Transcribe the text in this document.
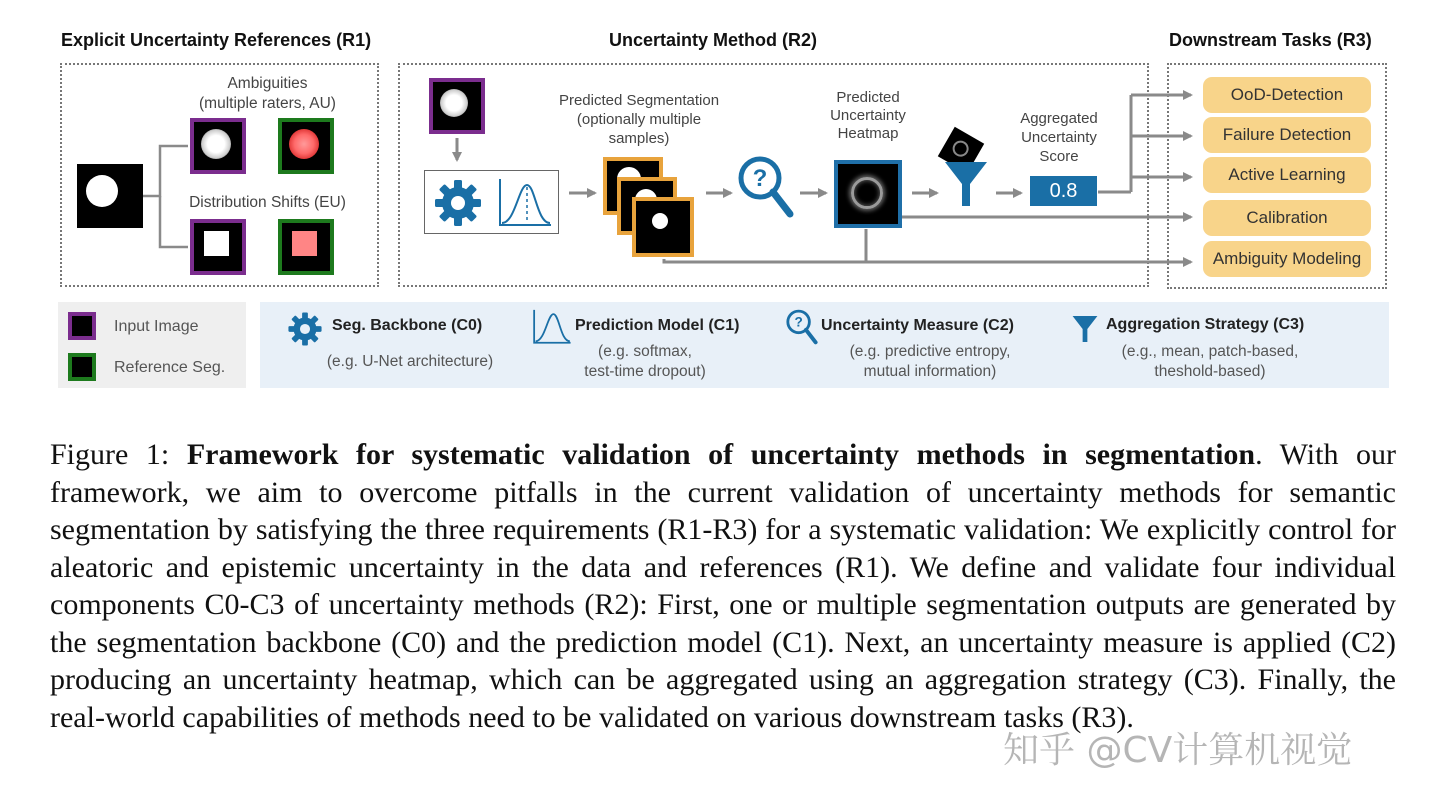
Explicit Uncertainty References (R1)	Uncertainty Method (R2)	Downstream Tasks (R3)
Ambiguities
(multiple raters, AU)
Distribution Shifts (EU)
Predicted Segmentation
(optionally multiple
samples)
?
Predicted
Uncertainty
Heatmap
Aggregated
Uncertainty
Score
0.8
OoD-Detection
Failure Detection
Active Learning
Calibration
Ambiguity Modeling
Input Image
Reference Seg.
Seg. Backbone (C0)
(e.g. U-Net architecture)
Prediction Model (C1)
(e.g. softmax,
test-time dropout)
? Uncertainty Measure (C2)
(e.g. predictive entropy,
mutual information)
Aggregation Strategy (C3)
(e.g., mean, patch-based,
theshold-based)
Figure 1: Framework for systematic validation of uncertainty methods in segmentation. With our framework, we aim to overcome pitfalls in the current validation of uncertainty methods for semantic segmentation by satisfying the three requirements (R1-R3) for a systematic validation: We explicitly control for aleatoric and epistemic uncertainty in the data and references (R1). We define and validate four individual components C0-C3 of uncertainty methods (R2): First, one or multiple segmentation outputs are generated by the segmentation backbone (C0) and the prediction model (C1). Next, an uncertainty measure is applied (C2) producing an uncertainty heatmap, which can be aggregated using an aggregation strategy (C3). Finally, the real-world capabilities of methods need to be validated on various downstream tasks (R3).
知乎 @CV计算机视觉
